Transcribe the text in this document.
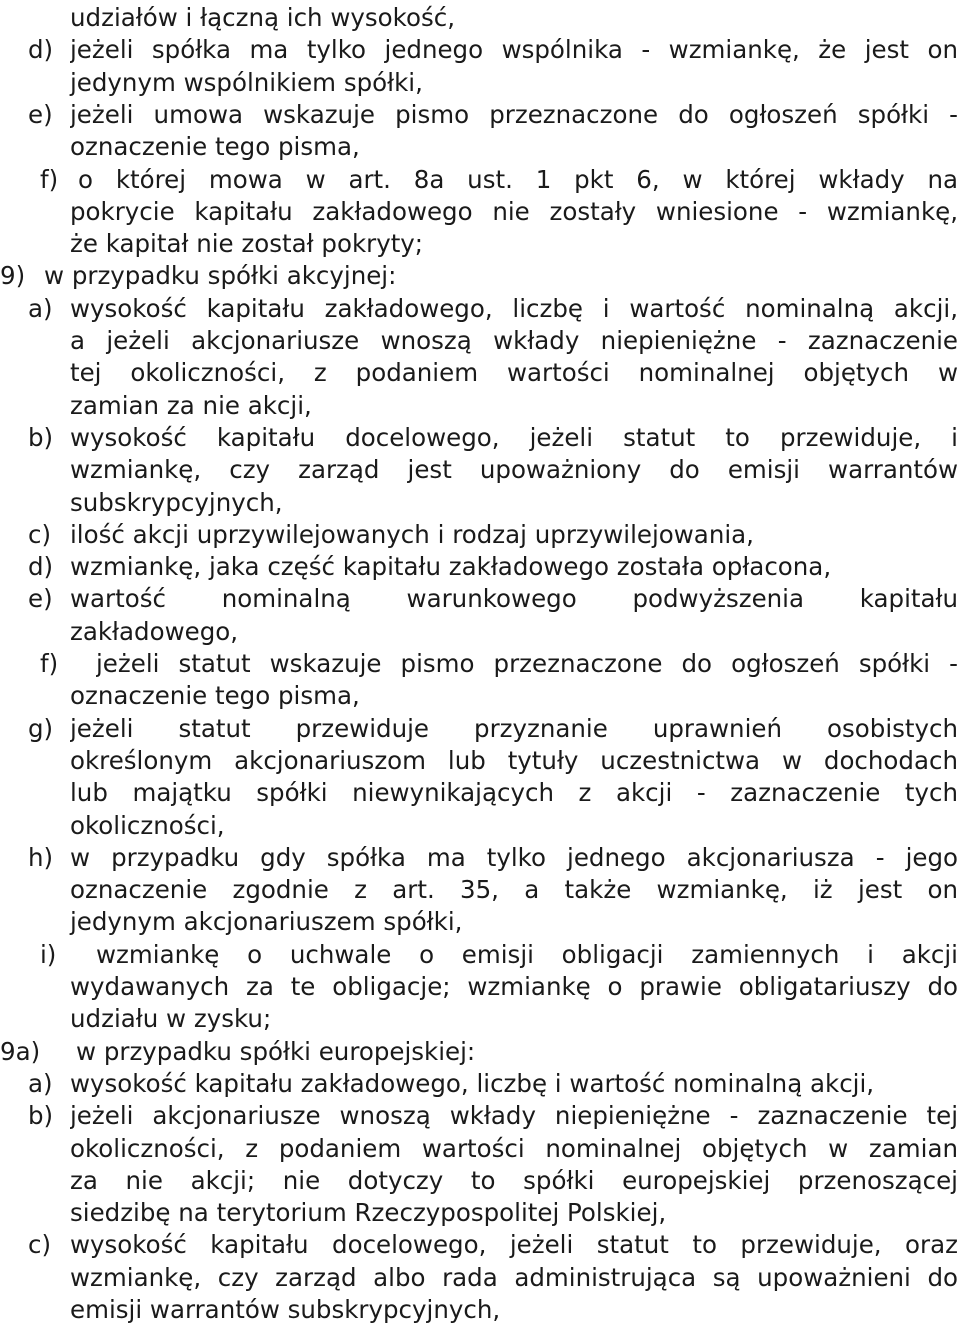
udziałów i łączną ich wysokość,
d) jeżeli spółka ma tylko jednego wspólnika - wzmiankę, że jest on
jedynym wspólnikiem spółki,
e) jeżeli umowa wskazuje pismo przeznaczone do ogłoszeń spółki -
oznaczenie tego pisma,
f) o której mowa w art. 8a ust. 1 pkt 6, w której wkłady na
pokrycie kapitału zakładowego nie zostały wniesione - wzmiankę,
że kapitał nie został pokryty;
9) w przypadku spółki akcyjnej:
a) wysokość kapitału zakładowego, liczbę i wartość nominalną akcji,
a jeżeli akcjonariusze wnoszą wkłady niepieniężne - zaznaczenie
tej okoliczności, z podaniem wartości nominalnej objętych w
zamian za nie akcji,
b) wysokość kapitału docelowego, jeżeli statut to przewiduje, i
wzmiankę, czy zarząd jest upoważniony do emisji warrantów
subskrypcyjnych,
c) ilość akcji uprzywilejowanych i rodzaj uprzywilejowania,
d) wzmiankę, jaka część kapitału zakładowego została opłacona,
e) wartość nominalną warunkowego podwyższenia kapitału
zakładowego,
f) jeżeli statut wskazuje pismo przeznaczone do ogłoszeń spółki -
oznaczenie tego pisma,
g) jeżeli statut przewiduje przyznanie uprawnień osobistych
określonym akcjonariuszom lub tytuły uczestnictwa w dochodach
lub majątku spółki niewynikających z akcji - zaznaczenie tych
okoliczności,
h) w przypadku gdy spółka ma tylko jednego akcjonariusza - jego
oznaczenie zgodnie z art. 35, a także wzmiankę, iż jest on
jedynym akcjonariuszem spółki,
i) wzmiankę o uchwale o emisji obligacji zamiennych i akcji
wydawanych za te obligacje; wzmiankę o prawie obligatariuszy do
udziału w zysku;
9a) w przypadku spółki europejskiej:
a) wysokość kapitału zakładowego, liczbę i wartość nominalną akcji,
b) jeżeli akcjonariusze wnoszą wkłady niepieniężne - zaznaczenie tej
okoliczności, z podaniem wartości nominalnej objętych w zamian
za nie akcji; nie dotyczy to spółki europejskiej przenoszącej
siedzibę na terytorium Rzeczypospolitej Polskiej,
c) wysokość kapitału docelowego, jeżeli statut to przewiduje, oraz
wzmiankę, czy zarząd albo rada administrująca są upoważnieni do
emisji warrantów subskrypcyjnych,
